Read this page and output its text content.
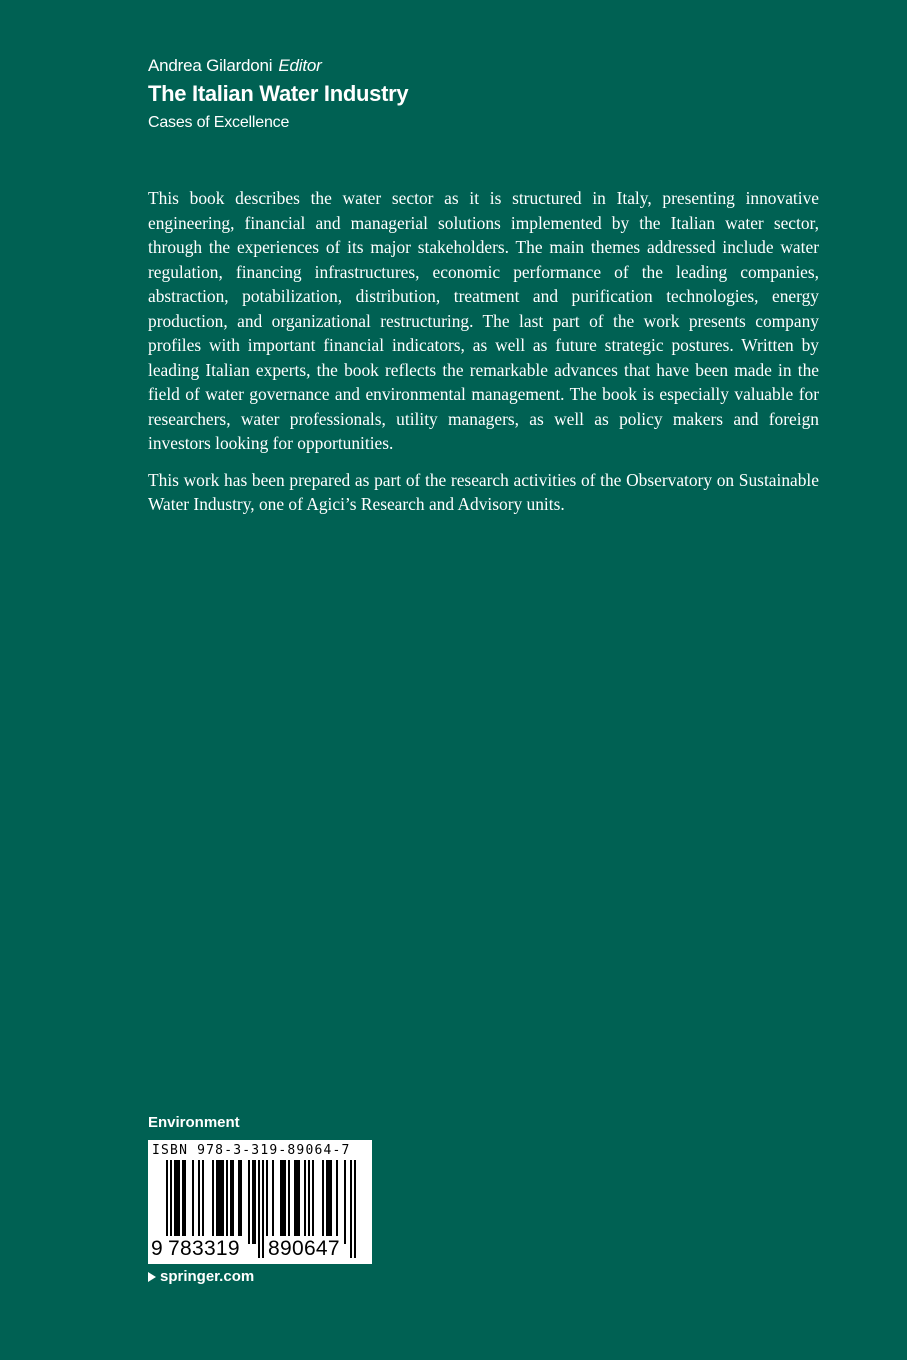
Andrea Gilardoni Editor
The Italian Water Industry
Cases of Excellence

This book describes the water sector as it is structured in Italy, presenting innovative engineering, financial and managerial solutions implemented by the Italian water sector, through the experiences of its major stakeholders. The main themes addressed include water regulation, financing infrastructures, economic performance of the leading companies, abstraction, potabilization, distribution, treatment and purification technologies, energy production, and organizational restructuring. The last part of the work presents company profiles with important financial indicators, as well as future strategic postures. Written by leading Italian experts, the book reflects the remarkable advances that have been made in the field of water governance and environmental management. The book is especially valuable for researchers, water professionals, utility managers, as well as policy makers and foreign investors looking for opportunities.

This work has been prepared as part of the research activities of the Observatory on Sustainable Water Industry, one of Agici’s Research and Advisory units.

Environment
ISBN 978-3-319-89064-7
9 783319 890647
springer.com
